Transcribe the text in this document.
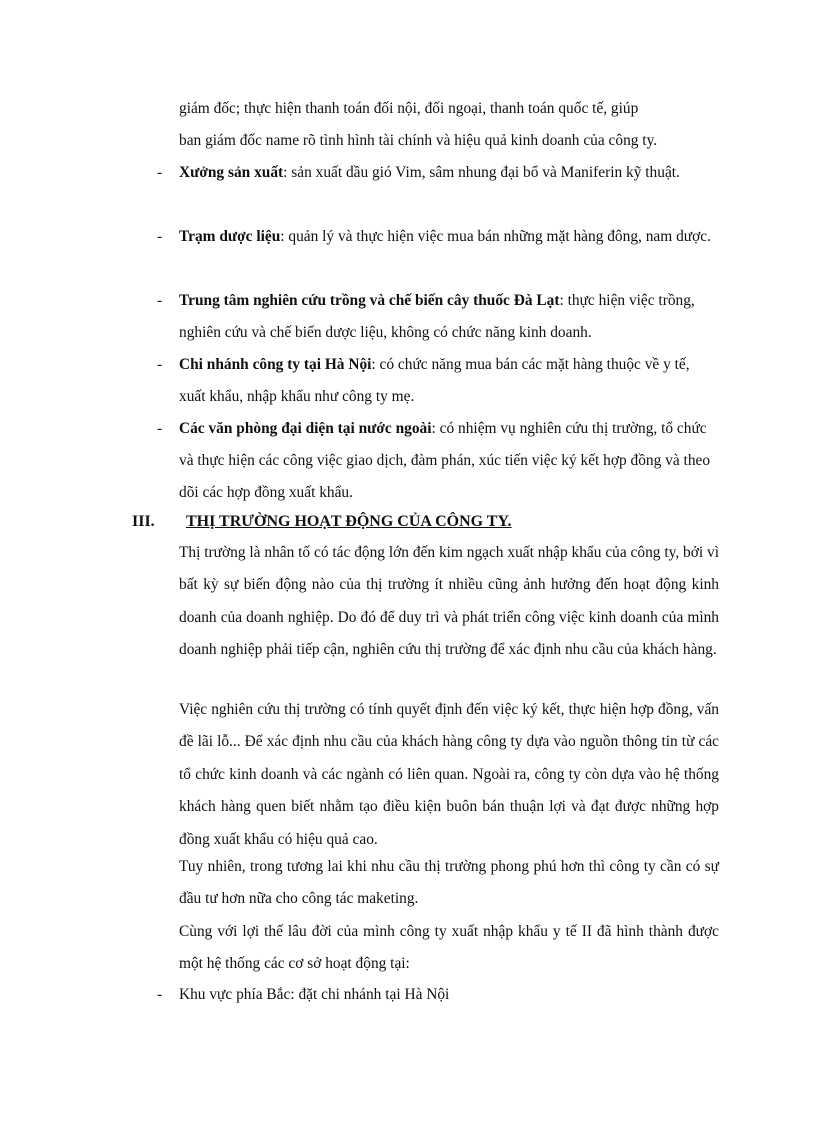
giám đốc; thực hiện thanh toán đối nội, đối ngoại, thanh toán quốc tế, giúp
ban giám đốc name rõ tình hình tài chính và hiệu quả kinh doanh của công ty.
-	Xưởng sản xuất: sản xuất dầu gió Vim, sâm nhung đại bổ và Maniferin kỹ thuật.
-	Trạm dược liệu: quản lý và thực hiện việc mua bán những mặt hàng đông, nam dược.
-	Trung tâm nghiên cứu trồng và chế biến cây thuốc Đà Lạt: thực hiện việc trồng, nghiên cứu và chế biến dược liệu, không có chức năng kinh doanh.
-	Chi nhánh công ty tại Hà Nội: có chức năng mua bán các mặt hàng thuộc về y tế, xuất khẩu, nhập khẩu như công ty mẹ.
-	Các văn phòng đại diện tại nước ngoài: có nhiệm vụ nghiên cứu thị trường, tổ chức và thực hiện các công việc giao dịch, đàm phán, xúc tiến việc ký kết hợp đồng và theo dõi các hợp đồng xuất khẩu.
III. THỊ TRƯỜNG HOẠT ĐỘNG CỦA CÔNG TY.
Thị trường là nhân tố có tác động lớn đến kim ngạch xuất nhập khẩu của công ty, bởi vì bất kỳ sự biến động nào của thị trường ít nhiều cũng ảnh hưởng đến hoạt động kinh doanh của doanh nghiệp. Do đó để duy trì và phát triển công việc kinh doanh của mình doanh nghiệp phải tiếp cận, nghiên cứu thị trường để xác định nhu cầu của khách hàng.
Việc nghiên cứu thị trường có tính quyết định đến việc ký kết, thực hiện hợp đồng, vấn đề lãi lỗ... Để xác định nhu cầu của khách hàng công ty dựa vào nguồn thông tin từ các tổ chức kinh doanh và các ngành có liên quan. Ngoài ra, công ty còn dựa vào hệ thống khách hàng quen biết nhằm tạo điều kiện buôn bán thuận lợi và đạt được những hợp đồng xuất khẩu có hiệu quả cao.
Tuy nhiên, trong tương lai khi nhu cầu thị trường phong phú hơn thì công ty cần có sự đầu tư hơn nữa cho công tác maketing.
Cùng với lợi thế lâu đời của mình công ty xuất nhập khẩu y tế II đã hình thành được một hệ thống các cơ sở hoạt động tại:
-	Khu vực phía Bắc: đặt chi nhánh tại Hà Nội
